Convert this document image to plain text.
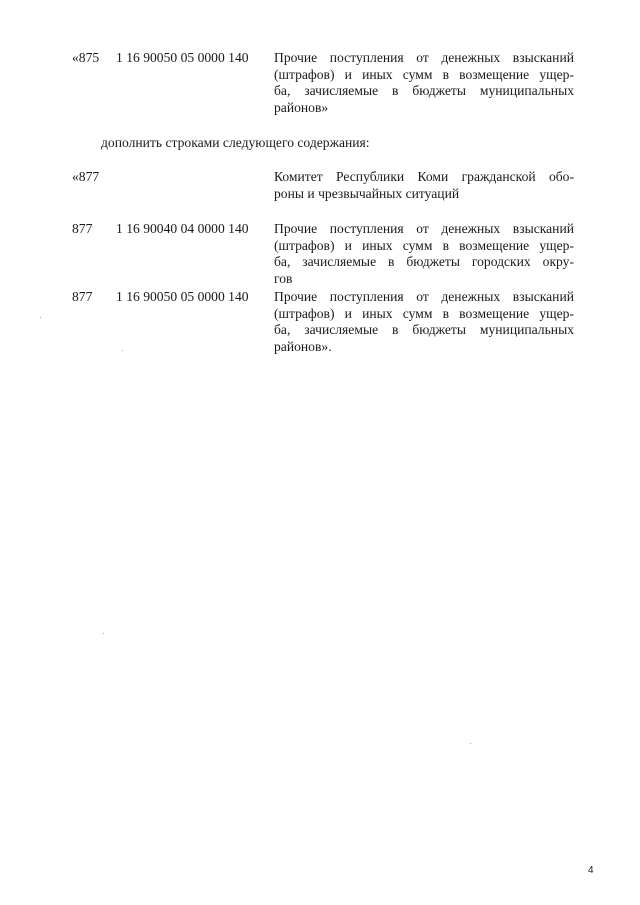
«875 1 16 90050 05 0000 140 Прочие поступления от денежных взысканий
(штрафов) и иных сумм в возмещение ущер-
ба, зачисляемые в бюджеты муниципальных
районов»
дополнить строками следующего содержания:
«877	Комитет Республики Коми гражданской обо-
роны и чрезвычайных ситуаций
877 1 16 90040 04 0000 140 Прочие поступления от денежных взысканий
(штрафов) и иных сумм в возмещение ущер-
ба, зачисляемые в бюджеты городских окру-
гов
877 1 16 90050 05 0000 140 Прочие поступления от денежных взысканий
(штрафов) и иных сумм в возмещение ущер-
ба, зачисляемые в бюджеты муниципальных
районов».
4
